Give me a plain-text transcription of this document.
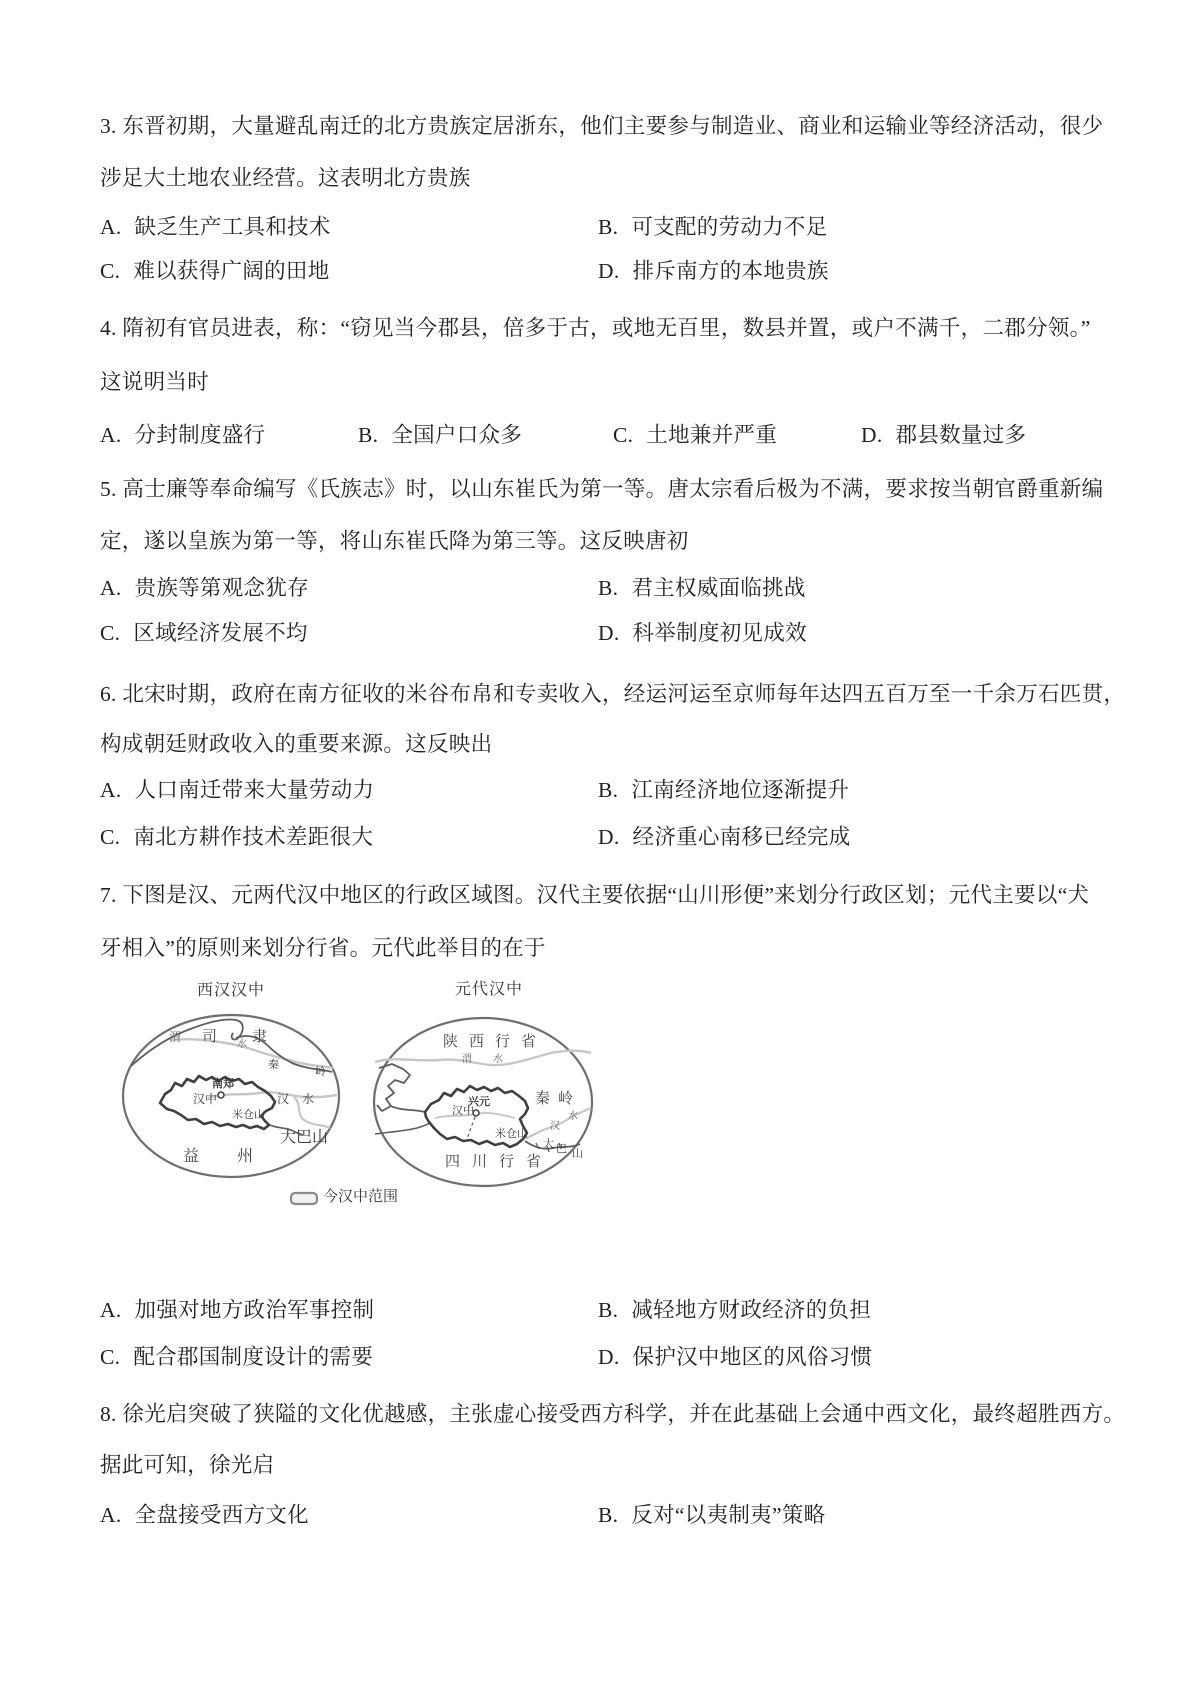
3. 东晋初期，大量避乱南迁的北方贵族定居浙东，他们主要参与制造业、商业和运输业等经济活动，很少
涉足大土地农业经营。这表明北方贵族
A. 缺乏生产工具和技术	B. 可支配的劳动力不足
C. 难以获得广阔的田地	D. 排斥南方的本地贵族
4. 隋初有官员进表，称：“窃见当今郡县，倍多于古，或地无百里，数县并置，或户不满千，二郡分领。”
这说明当时
A. 分封制度盛行	B. 全国户口众多	C. 土地兼并严重	D. 郡县数量过多
5. 高士廉等奉命编写《氏族志》时，以山东崔氏为第一等。唐太宗看后极为不满，要求按当朝官爵重新编
定，遂以皇族为第一等，将山东崔氏降为第三等。这反映唐初
A. 贵族等第观念犹存	B. 君主权威面临挑战
C. 区域经济发展不均	D. 科举制度初见成效
6. 北宋时期，政府在南方征收的米谷布帛和专卖收入，经运河运至京师每年达四五百万至一千余万石匹贯，
构成朝廷财政收入的重要来源。这反映出
A. 人口南迁带来大量劳动力	B. 江南经济地位逐渐提升
C. 南北方耕作技术差距很大	D. 经济重心南移已经完成
7. 下图是汉、元两代汉中地区的行政区域图。汉代主要依据“山川形便”来划分行政区划；元代主要以“犬
牙相入”的原则来划分行省。元代此举目的在于
西汉汉中
渭 司 水 隶
秦
岭
南郑
汉中	汉水
米仓山
大巴山
益州
元代汉中
陕西行省
渭水
秦岭
兴元
汉中
米仓山
汉
水
大 巴 山
四川行省
今汉中范围
A. 加强对地方政治军事控制	B. 减轻地方财政经济的负担
C. 配合郡国制度设计的需要	D. 保护汉中地区的风俗习惯
8. 徐光启突破了狭隘的文化优越感，主张虚心接受西方科学，并在此基础上会通中西文化，最终超胜西方。
据此可知，徐光启
A. 全盘接受西方文化	B. 反对“以夷制夷”策略
